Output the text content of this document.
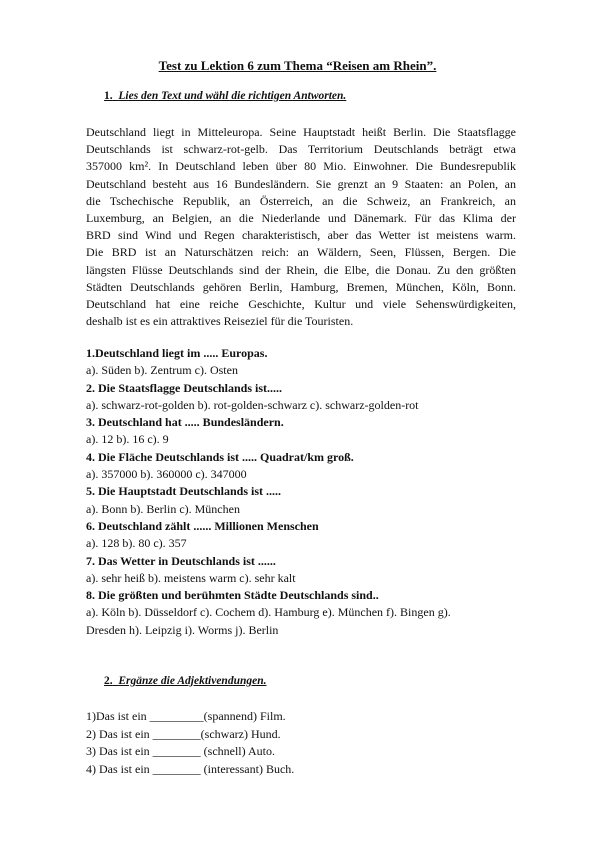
Test zu Lektion 6 zum Thema “Reisen am Rhein”.
1. Lies den Text und wähl die richtigen Antworten.
Deutschland liegt in Mitteleuropa. Seine Hauptstadt heißt Berlin. Die Staatsflagge
Deutschlands ist schwarz-rot-gelb. Das Territorium Deutschlands beträgt etwa
357000 km². In Deutschland leben über 80 Mio. Einwohner. Die Bundesrepublik
Deutschland besteht aus 16 Bundesländern. Sie grenzt an 9 Staaten: an Polen, an
die Tschechische Republik, an Österreich, an die Schweiz, an Frankreich, an
Luxemburg, an Belgien, an die Niederlande und Dänemark. Für das Klima der
BRD sind Wind und Regen charakteristisch, aber das Wetter ist meistens warm.
Die BRD ist an Naturschätzen reich: an Wäldern, Seen, Flüssen, Bergen. Die
längsten Flüsse Deutschlands sind der Rhein, die Elbe, die Donau. Zu den größten
Städten Deutschlands gehören Berlin, Hamburg, Bremen, München, Köln, Bonn.
Deutschland hat eine reiche Geschichte, Kultur und viele Sehenswürdigkeiten,
deshalb ist es ein attraktives Reiseziel für die Touristen.
1.Deutschland liegt im ..... Europas.
a). Süden b). Zentrum c). Osten
2. Die Staatsflagge Deutschlands ist.....
a). schwarz-rot-golden b). rot-golden-schwarz c). schwarz-golden-rot
3. Deutschland hat ..... Bundesländern.
a). 12 b). 16 c). 9
4. Die Fläche Deutschlands ist ..... Quadrat/km groß.
a). 357000 b). 360000 c). 347000
5. Die Hauptstadt Deutschlands ist .....
a). Bonn b). Berlin c). München
6. Deutschland zählt ...... Millionen Menschen
a). 128 b). 80 c). 357
7. Das Wetter in Deutschlands ist ......
a). sehr heiß b). meistens warm c). sehr kalt
8. Die größten und berühmten Städte Deutschlands sind..
a). Köln b). Düsseldorf c). Cochem d). Hamburg e). München f). Bingen g).
Dresden h). Leipzig i). Worms j). Berlin
2. Ergänze die Adjektivendungen.
1)Das ist ein _________(spannend) Film.
2) Das ist ein ________(schwarz) Hund.
3) Das ist ein ________ (schnell) Auto.
4) Das ist ein ________ (interessant) Buch.
